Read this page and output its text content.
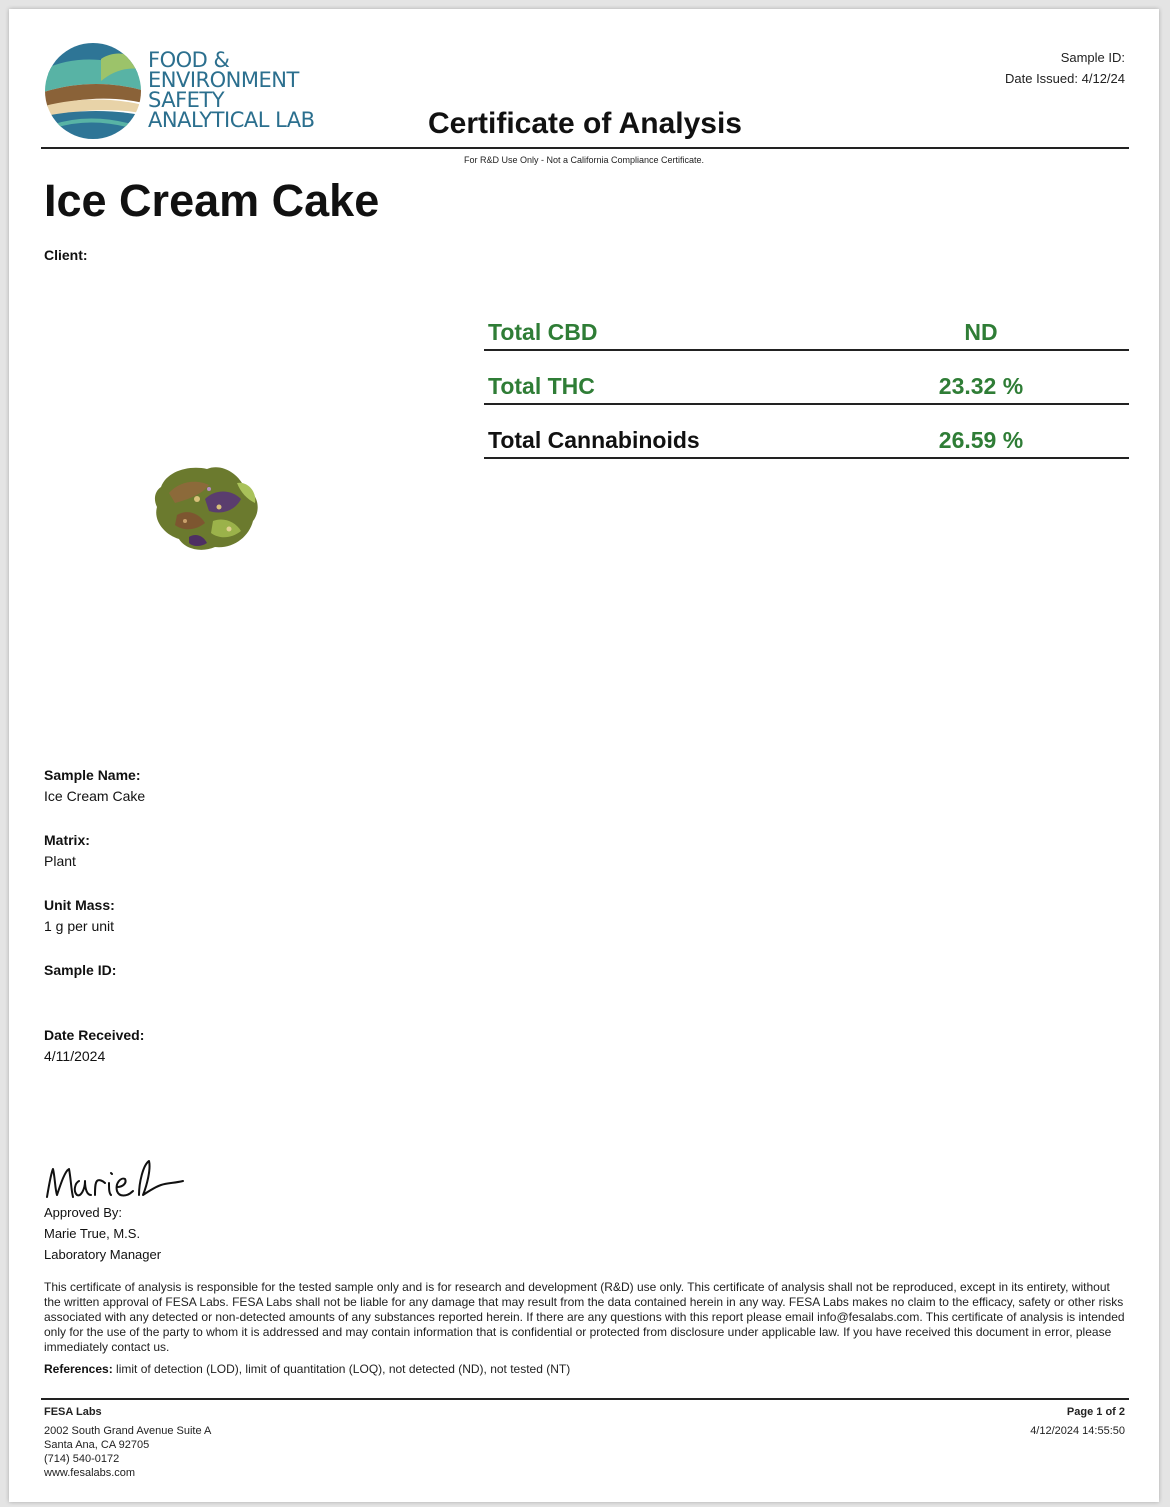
FOOD &
ENVIRONMENT
SAFETY
ANALYTICAL LAB	Certificate of Analysis
Sample ID:
Date Issued: 4/12/24
For R&D Use Only - Not a California Compliance Certificate.
Ice Cream Cake
Client:
Total CBD	ND
Total THC	23.32 %
Total Cannabinoids	26.59 %
Sample Name:
Ice Cream Cake
Matrix:
Plant
Unit Mass:
1 g per unit
Sample ID:
Date Received:
4/11/2024
Approved By:
Marie True, M.S.
Laboratory Manager
This certificate of analysis is responsible for the tested sample only and is for research and development (R&D) use only. This certificate of analysis shall not be reproduced, except in its entirety, without the written approval of FESA Labs. FESA Labs shall not be liable for any damage that may result from the data contained herein in any way. FESA Labs makes no claim to the efficacy, safety or other risks associated with any detected or non-detected amounts of any substances reported herein. If there are any questions with this report please email info@fesalabs.com. This certificate of analysis is intended only for the use of the party to whom it is addressed and may contain information that is confidential or protected from disclosure under applicable law. If you have received this document in error, please immediately contact us.
References: limit of detection (LOD), limit of quantitation (LOQ), not detected (ND), not tested (NT)
FESA Labs
2002 South Grand Avenue Suite A
Santa Ana, CA 92705
(714) 540-0172
www.fesalabs.com
Page 1 of 2
4/12/2024 14:55:50
